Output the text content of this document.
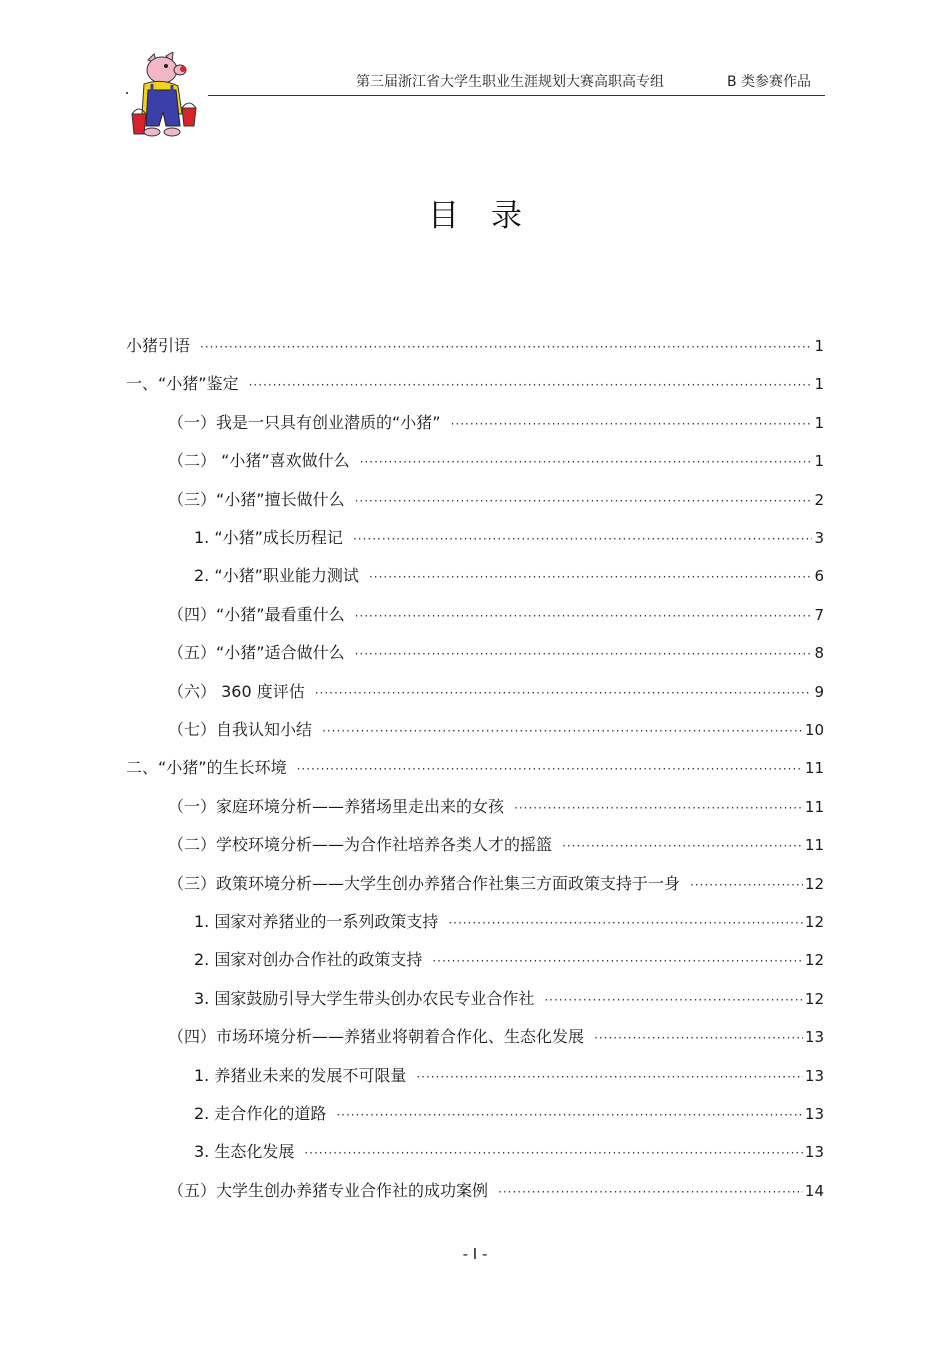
第三届浙江省大学生职业生涯规划大赛高职高专组	B 类参赛作品
目录
小猪引语 ·····	1
一、“小猪”鉴定 ·····	1
（一）我是一只具有创业潜质的“小猪” ·····	1
（二） “小猪”喜欢做什么 ·····	1
（三）“小猪”擅长做什么 ·····	2
1. “小猪”成长历程记 ·····	3
2. “小猪”职业能力测试 ·····	6
（四）“小猪”最看重什么 ·····	7
（五）“小猪”适合做什么 ·····	8
（六） 360 度评估 ·····	9
（七）自我认知小结 ·····	10
二、“小猪”的生长环境 ·····	11
（一）家庭环境分析——养猪场里走出来的女孩 ·····	11
（二）学校环境分析——为合作社培养各类人才的摇篮 ·····	11
（三）政策环境分析——大学生创办养猪合作社集三方面政策支持于一身 ·····	12
1. 国家对养猪业的一系列政策支持 ·····	12
2. 国家对创办合作社的政策支持 ·····	12
3. 国家鼓励引导大学生带头创办农民专业合作社 ·····	12
（四）市场环境分析——养猪业将朝着合作化、生态化发展 ·····	13
1. 养猪业未来的发展不可限量 ·····	13
2. 走合作化的道路 ·····	13
3. 生态化发展 ·····	13
（五）大学生创办养猪专业合作社的成功案例 ·····	14
- I -
